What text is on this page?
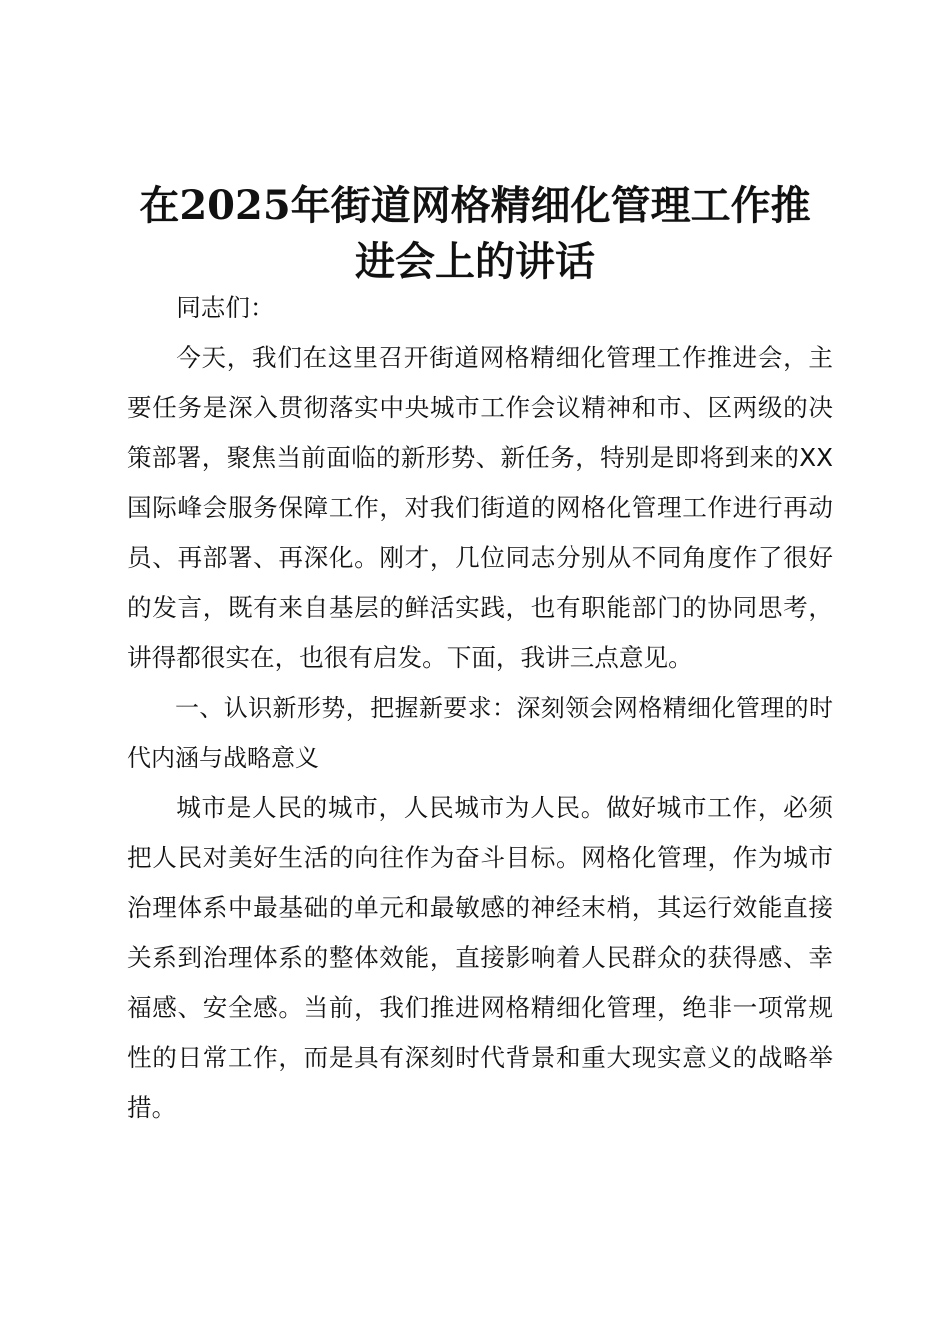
在2025年街道网格精细化管理工作推
进会上的讲话

同志们：

今天，我们在这里召开街道网格精细化管理工作推进会，主要任务是深入贯彻落实中央城市工作会议精神和市、区两级的决策部署，聚焦当前面临的新形势、新任务，特别是即将到来的XX国际峰会服务保障工作，对我们街道的网格化管理工作进行再动员、再部署、再深化。刚才，几位同志分别从不同角度作了很好的发言，既有来自基层的鲜活实践，也有职能部门的协同思考，讲得都很实在，也很有启发。下面，我讲三点意见。

一、认识新形势，把握新要求：深刻领会网格精细化管理的时代内涵与战略意义

城市是人民的城市，人民城市为人民。做好城市工作，必须把人民对美好生活的向往作为奋斗目标。网格化管理，作为城市治理体系中最基础的单元和最敏感的神经末梢，其运行效能直接关系到治理体系的整体效能，直接影响着人民群众的获得感、幸福感、安全感。当前，我们推进网格精细化管理，绝非一项常规性的日常工作，而是具有深刻时代背景和重大现实意义的战略举措。
